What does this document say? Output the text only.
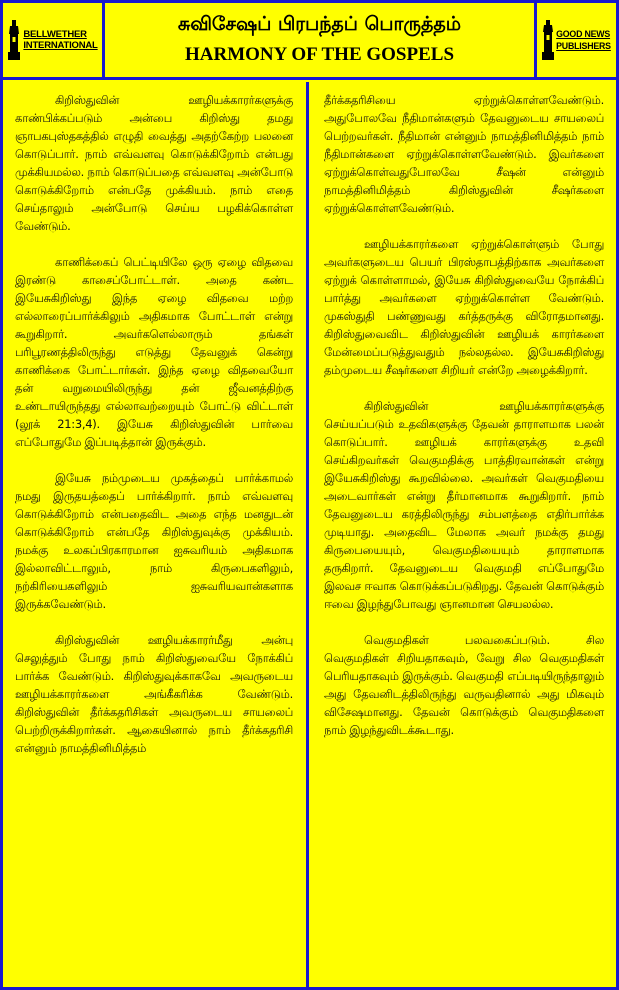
BELLWETHER
INTERNATIONAL
சுவிசேஷப் பிரபந்தப் பொருத்தம்
HARMONY OF THE GOSPELS
GOOD NEWS
PUBLISHERS

கிறிஸ்துவின் ஊழியக்காரர்களுக்கு காண்பிக்கப்படும் அன்பை கிறிஸ்து தமது ஞாபகபுஸ்தகத்தில் எழுதி வைத்து அதற்கேற்ற பலனை கொடுப்பார். நாம் எவ்வளவு கொடுக்கிறோம் என்பது முக்கியமல்ல. நாம் கொடுப்பதை எவ்வளவு அன்போடு கொடுக்கிறோம் என்பதே முக்கியம். நாம் எதை செய்தாலும் அன்போடு செய்ய பழகிக்கொள்ள வேண்டும்.

காணிக்கைப் பெட்டியிலே ஒரு ஏழை விதவை இரண்டு காசைப்போட்டாள். அதை கண்ட இயேசுகிறிஸ்து இந்த ஏழை விதவை மற்ற எல்லாரைப்பார்க்கிலும் அதிகமாக போட்டாள் என்று கூறுகிறார். அவர்களெல்லாரும் தங்கள் பரிபூரணத்திலிருந்து எடுத்து தேவனுக் கென்று காணிக்கை போட்டார்கள். இந்த ஏழை விதவையோ தன் வறுமையிலிருந்து தன் ஜீவனத்திற்கு உண்டாயிருந்தது எல்லாவற்றையும் போட்டு விட்டாள் (லூக் 21:3,4). இயேசு கிறிஸ்துவின் பார்வை எப்போதுமே இப்படித்தான் இருக்கும்.

இயேசு நம்முடைய முகத்தைப் பார்க்காமல் நமது இருதயத்தைப் பார்க்கிறார். நாம் எவ்வளவு கொடுக்கிறோம் என்பதைவிட அதை எந்த மனதுடன் கொடுக்கிறோம் என்பதே கிறிஸ்துவுக்கு முக்கியம். நமக்கு உலகப்பிரகாரமான ஐசுவரியம் அதிகமாக இல்லாவிட்டாலும், நாம் கிருபைகளிலும், நற்கிரியைகளிலும் ஐசுவரியவான்களாக இருக்கவேண்டும்.

கிறிஸ்துவின் ஊழியக்காரர்மீது அன்பு செலுத்தும் போது நாம் கிறிஸ்துவையே நோக்கிப் பார்க்க வேண்டும். கிறிஸ்துவுக்காகவே அவருடைய ஊழியக்காரர்களை அங்கீகரிக்க வேண்டும். கிறிஸ்துவின் தீர்க்கதரிசிகள் அவருடைய சாயலைப் பெற்றிருக்கிறார்கள். ஆகையினால் நாம் தீர்க்கதரிசி என்னும் நாமத்தினிமித்தம்

தீர்க்கதரிசியை ஏற்றுக்கொள்ளவேண்டும். அதுபோலவே நீதிமான்களும் தேவனுடைய சாயலைப் பெற்றவர்கள். நீதிமான் என்னும் நாமத்தினிமித்தம் நாம் நீதிமான்களை ஏற்றுக்கொள்ளவேண்டும். இவர்களை ஏற்றுக்கொள்வதுபோலவே சீஷன் என்னும் நாமத்தினிமித்தம் கிறிஸ்துவின் சீஷர்களை ஏற்றுக்கொள்ளவேண்டும்.

ஊழியக்காரர்களை ஏற்றுக்கொள்ளும் போது அவர்களுடைய பெயர் பிரஸ்தாபத்திற்காக அவர்களை ஏற்றுக் கொள்ளாமல், இயேசு கிறிஸ்துவையே நோக்கிப் பார்த்து அவர்களை ஏற்றுக்கொள்ள வேண்டும். முகஸ்துதி பண்ணுவது கர்த்தருக்கு விரோதமானது. கிறிஸ்துவைவிட கிறிஸ்துவின் ஊழியக் காரர்களை மேன்மைப்படுத்துவதும் நல்லதல்ல. இயேசுகிறிஸ்து தம்முடைய சீஷர்களை சிறியர் என்றே அழைக்கிறார்.

கிறிஸ்துவின் ஊழியக்காரர்களுக்கு செய்யப்படும் உதவிகளுக்கு தேவன் தாராளமாக பலன் கொடுப்பார். ஊழியக் காரர்களுக்கு உதவி செய்கிறவர்கள் வெகுமதிக்கு பாத்திரவான்கள் என்று இயேசுகிறிஸ்து கூறவில்லை. அவர்கள் வெகுமதியை அடைவார்கள் என்று தீர்மானமாக கூறுகிறார். நாம் தேவனுடைய கரத்திலிருந்து சம்பளத்தை எதிர்பார்க்க முடியாது. அதைவிட மேலாக அவர் நமக்கு தமது கிருபையையும், வெகுமதியையும் தாராளமாக தருகிறார். தேவனுடைய வெகுமதி எப்போதுமே இலவச ஈவாக கொடுக்கப்படுகிறது. தேவன் கொடுக்கும் ஈவை இழந்துபோவது ஞானமான செயலல்ல.

வெகுமதிகள் பலவகைப்படும். சில வெகுமதிகள் சிறியதாகவும், வேறு சில வெகுமதிகள் பெரியதாகவும் இருக்கும். வெகுமதி எப்படியிருந்தாலும் அது தேவனிடத்திலிருந்து வருவதினால் அது மிகவும் விசேஷமானது. தேவன் கொடுக்கும் வெகுமதிகளை நாம் இழந்துவிடக்கூடாது.
